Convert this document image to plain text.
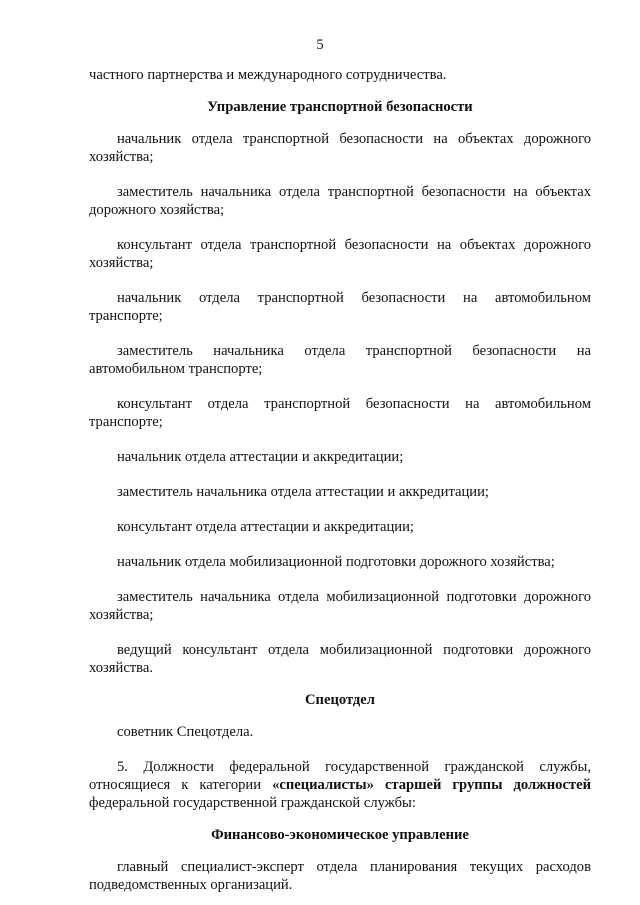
5

частного партнерства и международного сотрудничества.

Управление транспортной безопасности

начальник отдела транспортной безопасности на объектах дорожного хозяйства;

заместитель начальника отдела транспортной безопасности на объектах дорожного хозяйства;

консультант отдела транспортной безопасности на объектах дорожного хозяйства;

начальник отдела транспортной безопасности на автомобильном транспорте;

заместитель начальника отдела транспортной безопасности на автомобильном транспорте;

консультант отдела транспортной безопасности на автомобильном транспорте;

начальник отдела аттестации и аккредитации;

заместитель начальника отдела аттестации и аккредитации;

консультант отдела аттестации и аккредитации;

начальник отдела мобилизационной подготовки дорожного хозяйства;

заместитель начальника отдела мобилизационной подготовки дорожного хозяйства;

ведущий консультант отдела мобилизационной подготовки дорожного хозяйства.

Спецотдел

советник Спецотдела.

5. Должности федеральной государственной гражданской службы, относящиеся к категории «специалисты» старшей группы должностей федеральной государственной гражданской службы:

Финансово-экономическое управление

главный специалист-эксперт отдела планирования текущих расходов подведомственных организаций.
